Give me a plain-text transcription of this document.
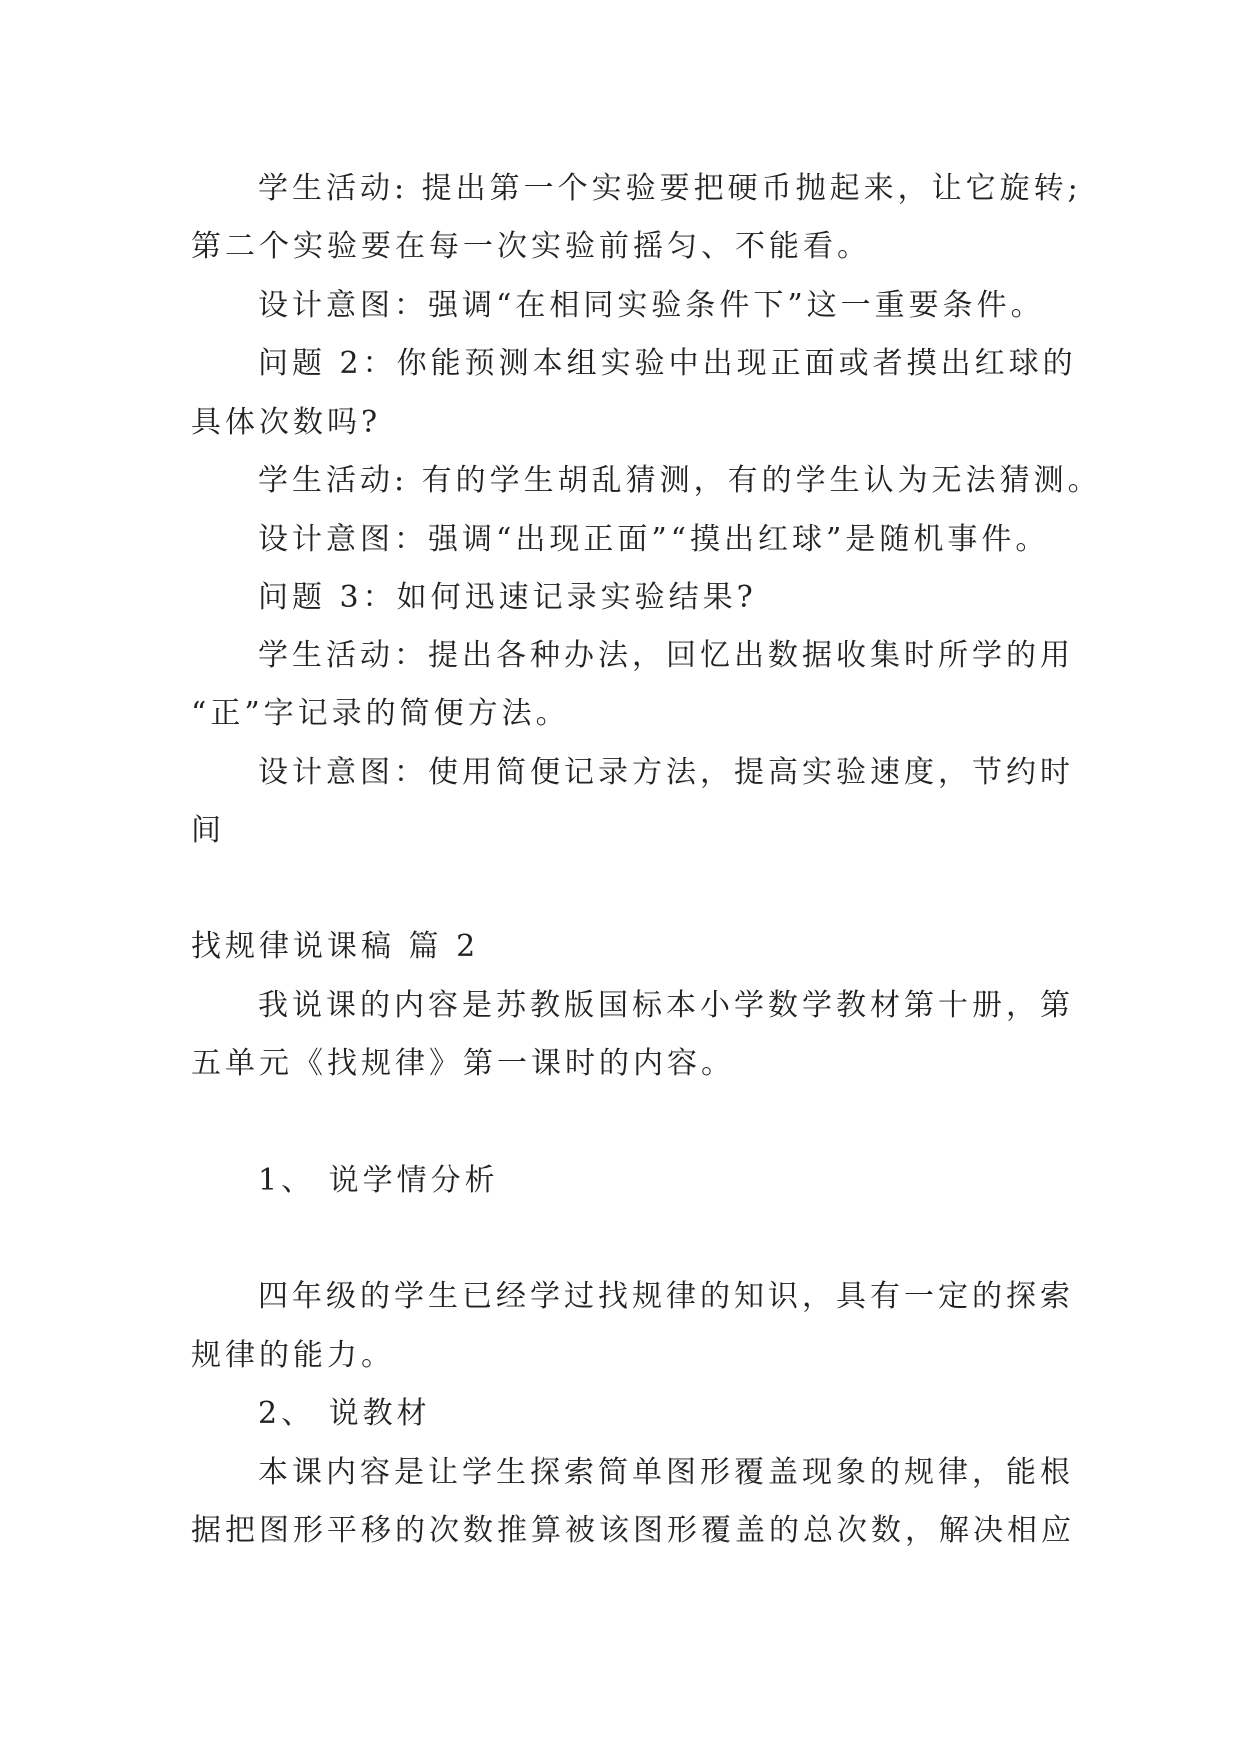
学生活动: 提出第一个实验要把硬币抛起来，让它旋转;
第二个实验要在每一次实验前摇匀、不能看。
设计意图：强调“在相同实验条件下”这一重要条件。
问题 2：你能预测本组实验中出现正面或者摸出红球的
具体次数吗?
学生活动: 有的学生胡乱猜测，有的学生认为无法猜测。
设计意图：强调“出现正面”“摸出红球”是随机事件。
问题 3：如何迅速记录实验结果?
学生活动：提出各种办法，回忆出数据收集时所学的用
“正”字记录的简便方法。
设计意图：使用简便记录方法，提高实验速度，节约时
间
找规律说课稿 篇 2
我说课的内容是苏教版国标本小学数学教材第十册，第
五单元《找规律》第一课时的内容。
1、 说学情分析
四年级的学生已经学过找规律的知识，具有一定的探索
规律的能力。
2、 说教材
本课内容是让学生探索简单图形覆盖现象的规律，能根
据把图形平移的次数推算被该图形覆盖的总次数，解决相应
